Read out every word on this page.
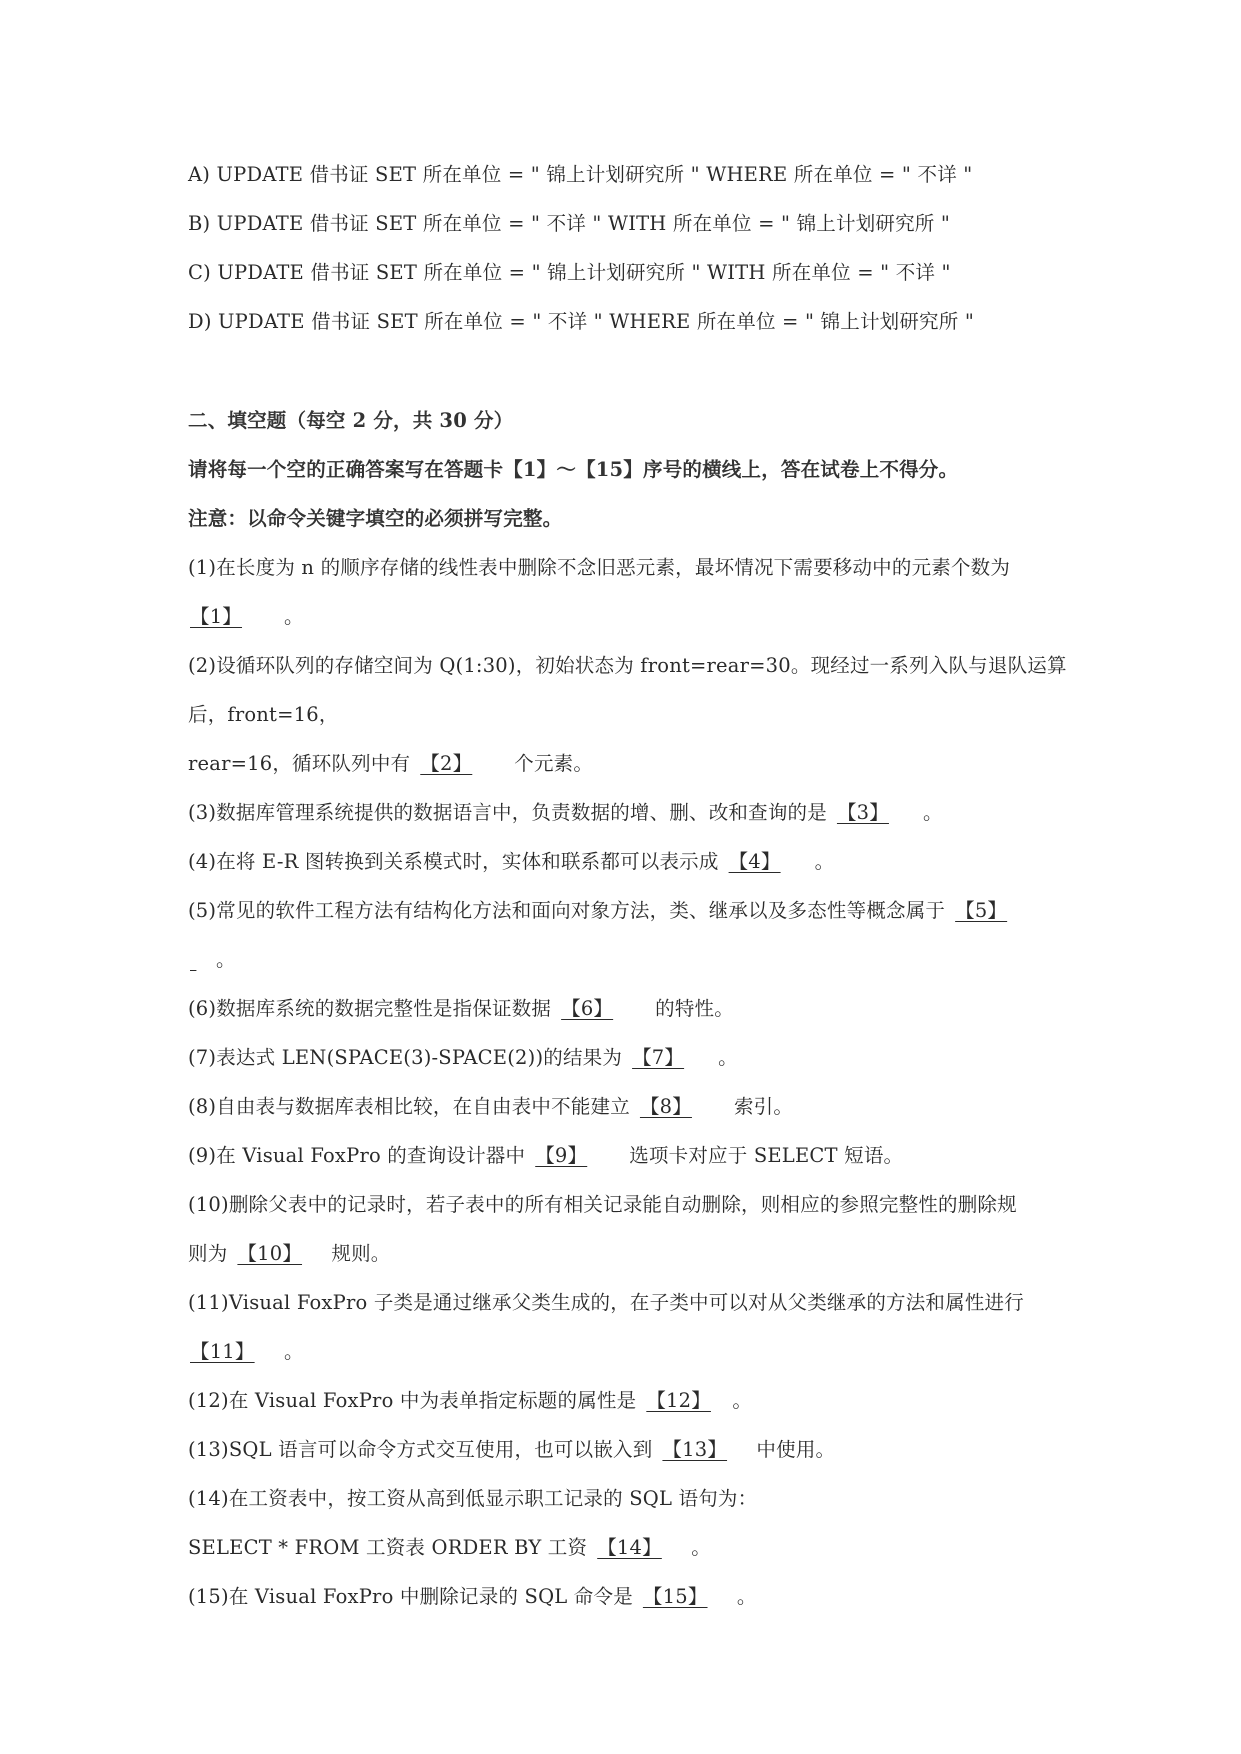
A) UPDATE 借书证 SET 所在单位 = " 锦上计划研究所 " WHERE 所在单位 = " 不详 "
B) UPDATE 借书证 SET 所在单位 = " 不详 " WITH 所在单位 = " 锦上计划研究所 "
C) UPDATE 借书证 SET 所在单位 = " 锦上计划研究所 " WITH 所在单位 = " 不详 "
D) UPDATE 借书证 SET 所在单位 = " 不详 " WHERE 所在单位 = " 锦上计划研究所 "
二、填空题（每空 2 分，共 30 分）
请将每一个空的正确答案写在答题卡【1】～【15】序号的横线上，答在试卷上不得分。
注意：以命令关键字填空的必须拼写完整。
(1)在长度为 n 的顺序存储的线性表中删除不念旧恶元素，最坏情况下需要移动中的元素个数为
【1】 。
(2)设循环队列的存储空间为 Q(1:30)，初始状态为 front=rear=30。现经过一系列入队与退队运算
后，front=16，
rear=16，循环队列中有 【2】 个元素。
(3)数据库管理系统提供的数据语言中，负责数据的增、删、改和查询的是 【3】 。
(4)在将 E-R 图转换到关系模式时，实体和联系都可以表示成 【4】 。
(5)常见的软件工程方法有结构化方法和面向对象方法，类、继承以及多态性等概念属于 【5】
。
(6)数据库系统的数据完整性是指保证数据 【6】 的特性。
(7)表达式 LEN(SPACE(3)-SPACE(2))的结果为 【7】 。
(8)自由表与数据库表相比较，在自由表中不能建立 【8】 索引。
(9)在 Visual FoxPro 的查询设计器中 【9】 选项卡对应于 SELECT 短语。
(10)删除父表中的记录时，若子表中的所有相关记录能自动删除，则相应的参照完整性的删除规
则为 【10】 规则。
(11)Visual FoxPro 子类是通过继承父类生成的，在子类中可以对从父类继承的方法和属性进行
【11】 。
(12)在 Visual FoxPro 中为表单指定标题的属性是 【12】 。
(13)SQL 语言可以命令方式交互使用，也可以嵌入到 【13】 中使用。
(14)在工资表中，按工资从高到低显示职工记录的 SQL 语句为：
SELECT * FROM 工资表 ORDER BY 工资 【14】 。
(15)在 Visual FoxPro 中删除记录的 SQL 命令是 【15】 。
